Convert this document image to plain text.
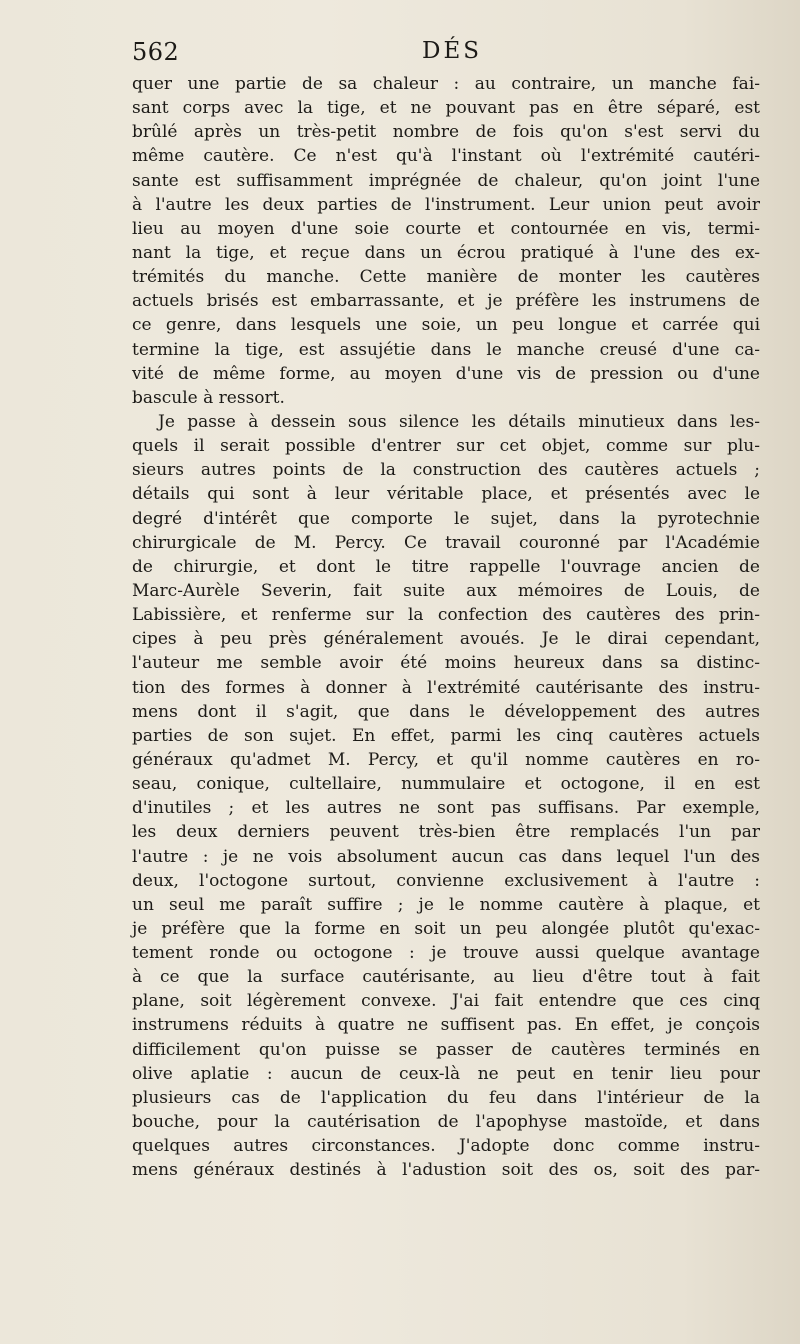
562	DÉS
quer une partie de sa chaleur : au contraire, un manche fai-
sant corps avec la tige, et ne pouvant pas en être séparé, est
brûlé après un très-petit nombre de fois qu'on s'est servi du
même cautère. Ce n'est qu'à l'instant où l'extrémité cautéri-
sante est suffisamment imprégnée de chaleur, qu'on joint l'une
à l'autre les deux parties de l'instrument. Leur union peut avoir
lieu au moyen d'une soie courte et contournée en vis, termi-
nant la tige, et reçue dans un écrou pratiqué à l'une des ex-
trémités du manche. Cette manière de monter les cautères
actuels brisés est embarrassante, et je préfère les instrumens de
ce genre, dans lesquels une soie, un peu longue et carrée qui
termine la tige, est assujétie dans le manche creusé d'une ca-
vité de même forme, au moyen d'une vis de pression ou d'une
bascule à ressort.
Je passe à dessein sous silence les détails minutieux dans les-
quels il serait possible d'entrer sur cet objet, comme sur plu-
sieurs autres points de la construction des cautères actuels ;
détails qui sont à leur véritable place, et présentés avec le
degré d'intérêt que comporte le sujet, dans la pyrotechnie
chirurgicale de M. Percy. Ce travail couronné par l'Académie
de chirurgie, et dont le titre rappelle l'ouvrage ancien de
Marc-Aurèle Severin, fait suite aux mémoires de Louis, de
Labissière, et renferme sur la confection des cautères des prin-
cipes à peu près généralement avoués. Je le dirai cependant,
l'auteur me semble avoir été moins heureux dans sa distinc-
tion des formes à donner à l'extrémité cautérisante des instru-
mens dont il s'agit, que dans le développement des autres
parties de son sujet. En effet, parmi les cinq cautères actuels
généraux qu'admet M. Percy, et qu'il nomme cautères en ro-
seau, conique, cultellaire, nummulaire et octogone, il en est
d'inutiles ; et les autres ne sont pas suffisans. Par exemple,
les deux derniers peuvent très-bien être remplacés l'un par
l'autre : je ne vois absolument aucun cas dans lequel l'un des
deux, l'octogone surtout, convienne exclusivement à l'autre :
un seul me paraît suffire ; je le nomme cautère à plaque, et
je préfère que la forme en soit un peu alongée plutôt qu'exac-
tement ronde ou octogone : je trouve aussi quelque avantage
à ce que la surface cautérisante, au lieu d'être tout à fait
plane, soit légèrement convexe. J'ai fait entendre que ces cinq
instrumens réduits à quatre ne suffisent pas. En effet, je conçois
difficilement qu'on puisse se passer de cautères terminés en
olive aplatie : aucun de ceux-là ne peut en tenir lieu pour
plusieurs cas de l'application du feu dans l'intérieur de la
bouche, pour la cautérisation de l'apophyse mastoïde, et dans
quelques autres circonstances. J'adopte donc comme instru-
mens généraux destinés à l'adustion soit des os, soit des par-
